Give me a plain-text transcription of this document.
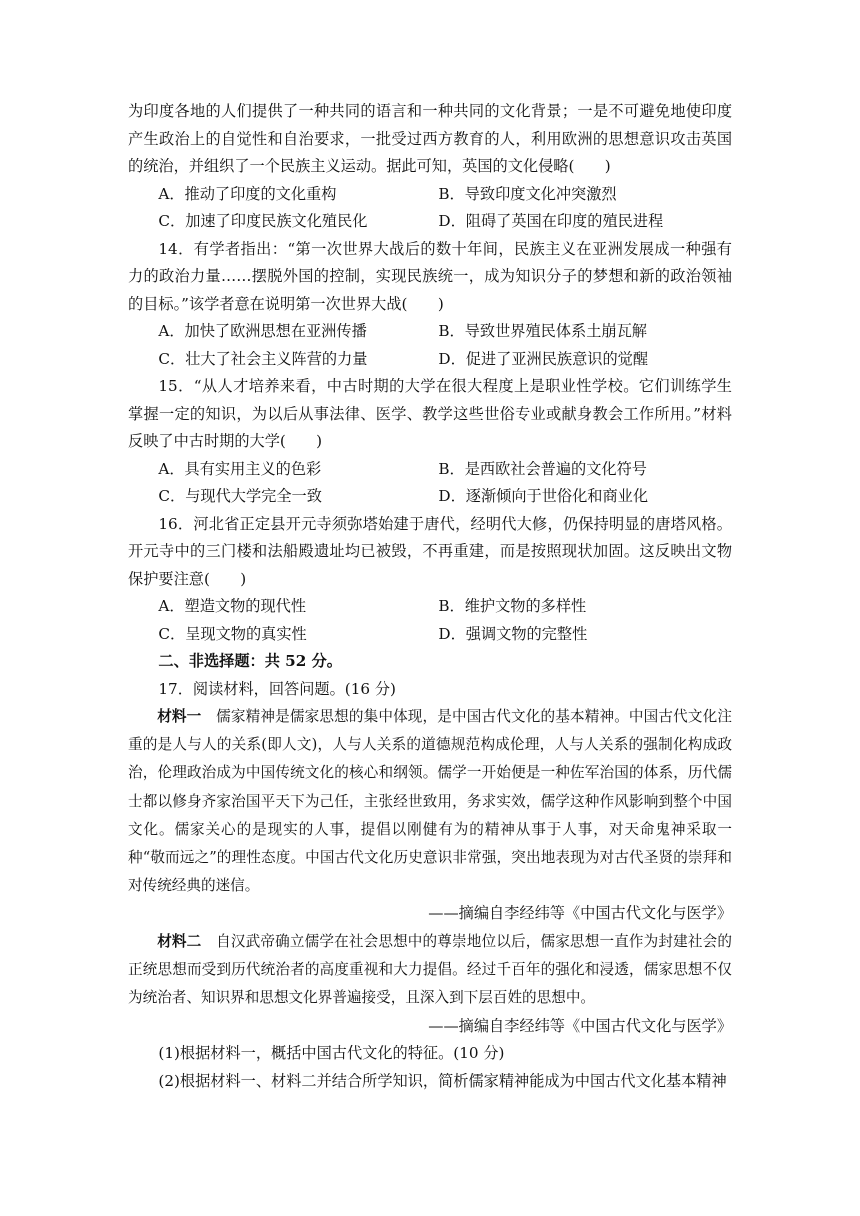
为印度各地的人们提供了一种共同的语言和一种共同的文化背景；一是不可避免地使印度产生政治上的自觉性和自治要求，一批受过西方教育的人，利用欧洲的思想意识攻击英国的统治，并组织了一个民族主义运动。据此可知，英国的文化侵略(　　)

A．推动了印度的文化重构	B．导致印度文化冲突激烈
C．加速了印度民族文化殖民化	D．阻碍了英国在印度的殖民进程

14．有学者指出：“第一次世界大战后的数十年间，民族主义在亚洲发展成一种强有力的政治力量……摆脱外国的控制，实现民族统一，成为知识分子的梦想和新的政治领袖的目标。”该学者意在说明第一次世界大战(　　)

A．加快了欧洲思想在亚洲传播	B．导致世界殖民体系土崩瓦解
C．壮大了社会主义阵营的力量	D．促进了亚洲民族意识的觉醒

15．“从人才培养来看，中古时期的大学在很大程度上是职业性学校。它们训练学生掌握一定的知识，为以后从事法律、医学、教学这些世俗专业或献身教会工作所用。”材料反映了中古时期的大学(　　)

A．具有实用主义的色彩	B．是西欧社会普遍的文化符号
C．与现代大学完全一致	D．逐渐倾向于世俗化和商业化

16．河北省正定县开元寺须弥塔始建于唐代，经明代大修，仍保持明显的唐塔风格。开元寺中的三门楼和法船殿遗址均已被毁，不再重建，而是按照现状加固。这反映出文物保护要注意(　　)

A．塑造文物的现代性	B．维护文物的多样性
C．呈现文物的真实性	D．强调文物的完整性

二、非选择题：共 52 分。

17．阅读材料，回答问题。(16 分)

材料一　儒家精神是儒家思想的集中体现，是中国古代文化的基本精神。中国古代文化注重的是人与人的关系(即人文)，人与人关系的道德规范构成伦理，人与人关系的强制化构成政治，伦理政治成为中国传统文化的核心和纲领。儒学一开始便是一种佐军治国的体系，历代儒士都以修身齐家治国平天下为己任，主张经世致用，务求实效，儒学这种作风影响到整个中国文化。儒家关心的是现实的人事，提倡以刚健有为的精神从事于人事，对天命鬼神采取一种“敬而远之”的理性态度。中国古代文化历史意识非常强，突出地表现为对古代圣贤的崇拜和对传统经典的迷信。

——摘编自李经纬等《中国古代文化与医学》

材料二　自汉武帝确立儒学在社会思想中的尊崇地位以后，儒家思想一直作为封建社会的正统思想而受到历代统治者的高度重视和大力提倡。经过千百年的强化和浸透，儒家思想不仅为统治者、知识界和思想文化界普遍接受，且深入到下层百姓的思想中。

——摘编自李经纬等《中国古代文化与医学》

(1)根据材料一，概括中国古代文化的特征。(10 分)

(2)根据材料一、材料二并结合所学知识，简析儒家精神能成为中国古代文化基本精神
